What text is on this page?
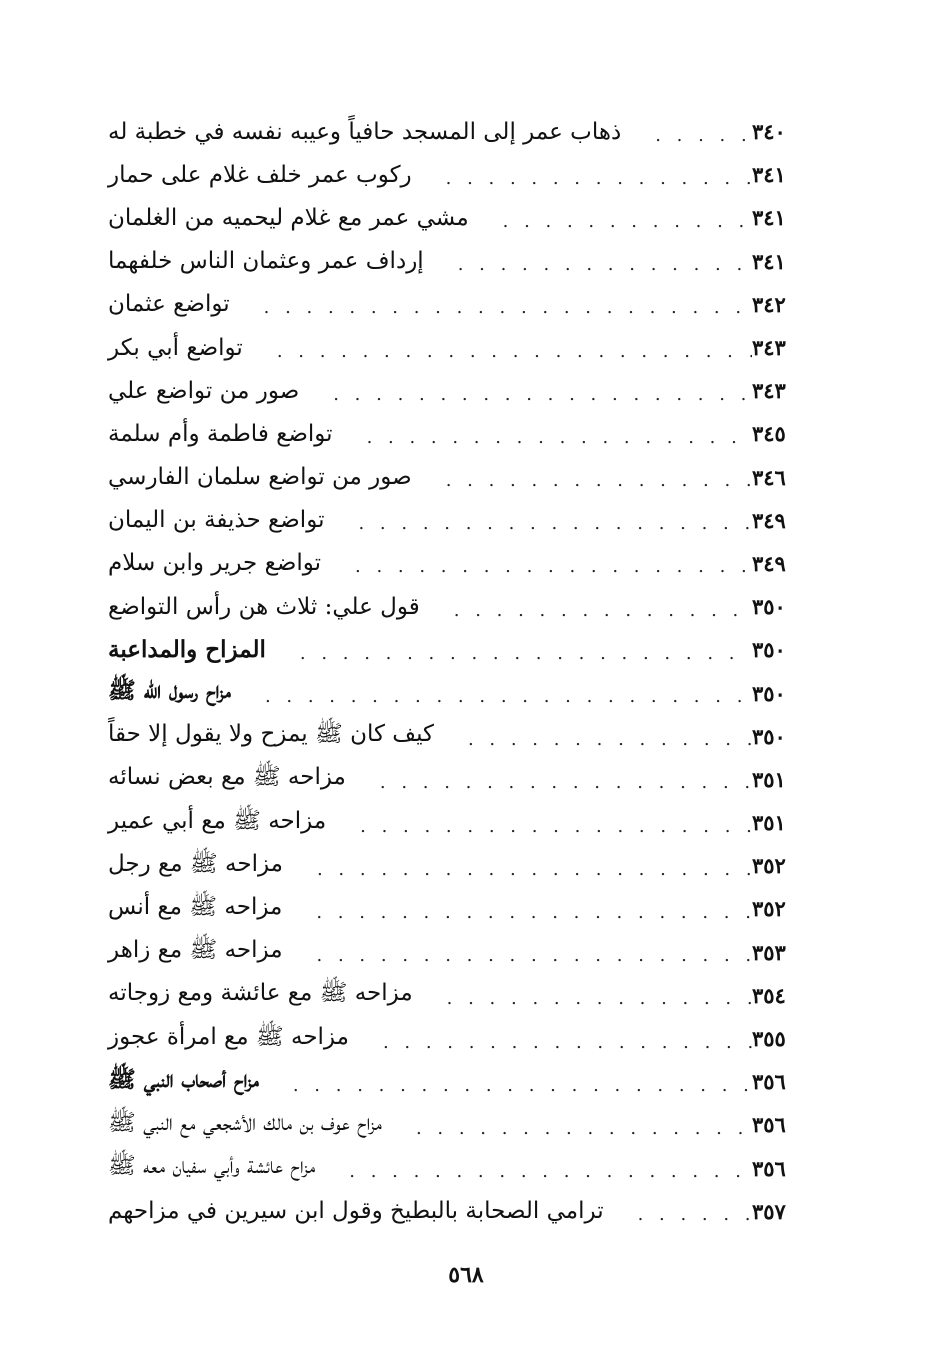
ذهاب عمر إلى المسجد حافياً وعيبه نفسه في خطبة له . . .	٣٤٠
ركوب عمر خلف غلام على حمار . . .	٣٤١
مشي عمر مع غلام ليحميه من الغلمان . . .	٣٤١
إرداف عمر وعثمان الناس خلفهما . . .	٣٤١
تواضع عثمان . . .	٣٤٢
تواضع أبي بكر . . .	٣٤٣
صور من تواضع علي . . .	٣٤٣
تواضع فاطمة وأم سلمة . . .	٣٤٥
صور من تواضع سلمان الفارسي . . .	٣٤٦
تواضع حذيفة بن اليمان . . .	٣٤٩
تواضع جرير وابن سلام . . .	٣٤٩
قول علي: ثلاث هن رأس التواضع . . .	٣٥٠
المزاح والمداعبة . . .	٣٥٠
مزاح رسول الله ﷺ . . .	٣٥٠
كيف كان ﷺ يمزح ولا يقول إلا حقاً . . .	٣٥٠
مزاحه ﷺ مع بعض نسائه . . .	٣٥١
مزاحه ﷺ مع أبي عمير . . .	٣٥١
مزاحه ﷺ مع رجل . . .	٣٥٢
مزاحه ﷺ مع أنس . . .	٣٥٢
مزاحه ﷺ مع زاهر . . .	٣٥٣
مزاحه ﷺ مع عائشة ومع زوجاته . . .	٣٥٤
مزاحه ﷺ مع امرأة عجوز . . .	٣٥٥
مزاح أصحاب النبي ﷺ . . .	٣٥٦
مزاح عوف بن مالك الأشجعي مع النبي ﷺ . . .	٣٥٦
مزاح عائشة وأبي سفيان معه ﷺ . . .	٣٥٦
ترامي الصحابة بالبطيخ وقول ابن سيرين في مزاحهم . . .	٣٥٧
٥٦٨
